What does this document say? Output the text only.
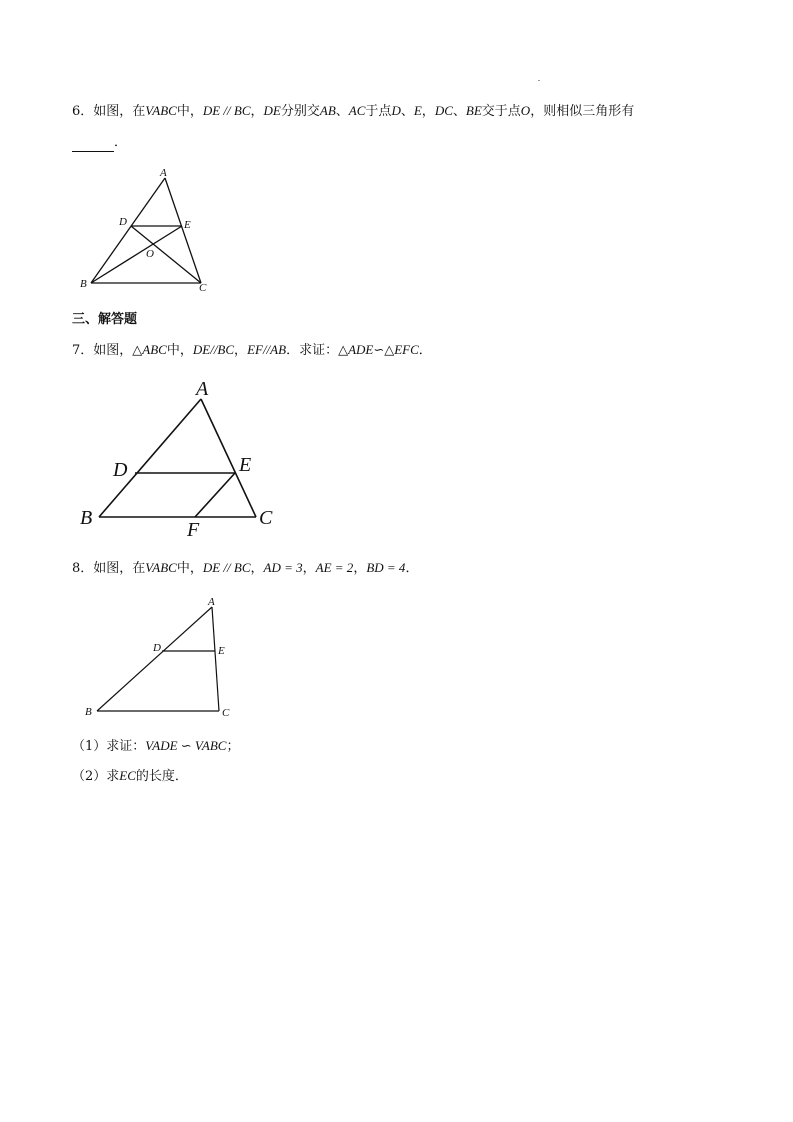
6．如图，在VABC中，DE // BC，DE分别交AB、AC于点D、E，DC、BE交于点O，则相似三角形有
．
A
B	C
D	E
O
三、解答题
7．如图，△ABC中，DE//BC，EF//AB．求证：△ADE∽△EFC．
A
B	C
D	E
F
8．如图，在VABC中，DE // BC，AD = 3，AE = 2，BD = 4．
A
B	C
D	E
（1）求证：VADE ∽ VABC；
（2）求EC的长度．
